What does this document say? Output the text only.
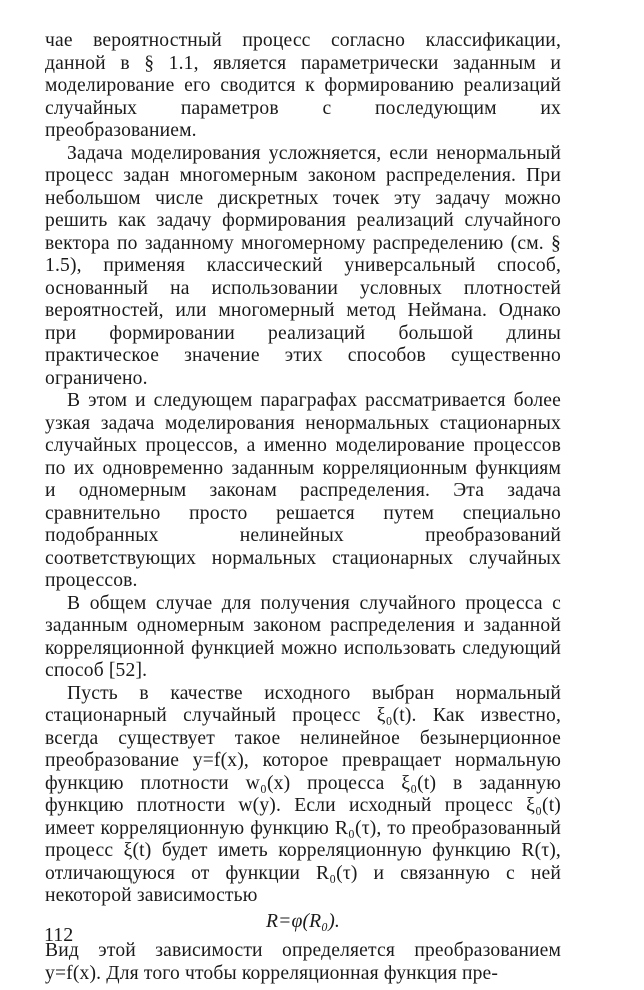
чае вероятностный процесс согласно классификации, данной в § 1.1, является параметрически заданным и моделирование его сводится к формированию реализаций случайных параметров с последующим их преобразованием.

Задача моделирования усложняется, если ненормальный процесс задан многомерным законом распределения. При небольшом числе дискретных точек эту задачу можно решить как задачу формирования реализаций случайного вектора по заданному многомерному распределению (см. § 1.5), применяя классический универсальный способ, основанный на использовании условных плотностей вероятностей, или многомерный метод Неймана. Однако при формировании реализаций большой длины практическое значение этих способов существенно ограничено.

В этом и следующем параграфах рассматривается более узкая задача моделирования ненормальных стационарных случайных процессов, а именно моделирование процессов по их одновременно заданным корреляционным функциям и одномерным законам распределения. Эта задача сравнительно просто решается путем специально подобранных нелинейных преобразований соответствующих нормальных стационарных случайных процессов.

В общем случае для получения случайного процесса с заданным одномерным законом распределения и заданной корреляционной функцией можно использовать следующий способ [52].

Пусть в качестве исходного выбран нормальный стационарный случайный процесс ξ₀(t). Как известно, всегда существует такое нелинейное безынерционное преобразование y=f(x), которое превращает нормальную функцию плотности w₀(x) процесса ξ₀(t) в заданную функцию плотности w(y). Если исходный процесс ξ₀(t) имеет корреляционную функцию R₀(τ), то преобразованный процесс ξ(t) будет иметь корреляционную функцию R(τ), отличающуюся от функции R₀(τ) и связанную с ней некоторой зависимостью

R=φ(R₀).

Вид этой зависимости определяется преобразованием y=f(x). Для того чтобы корреляционная функция пре-

112
